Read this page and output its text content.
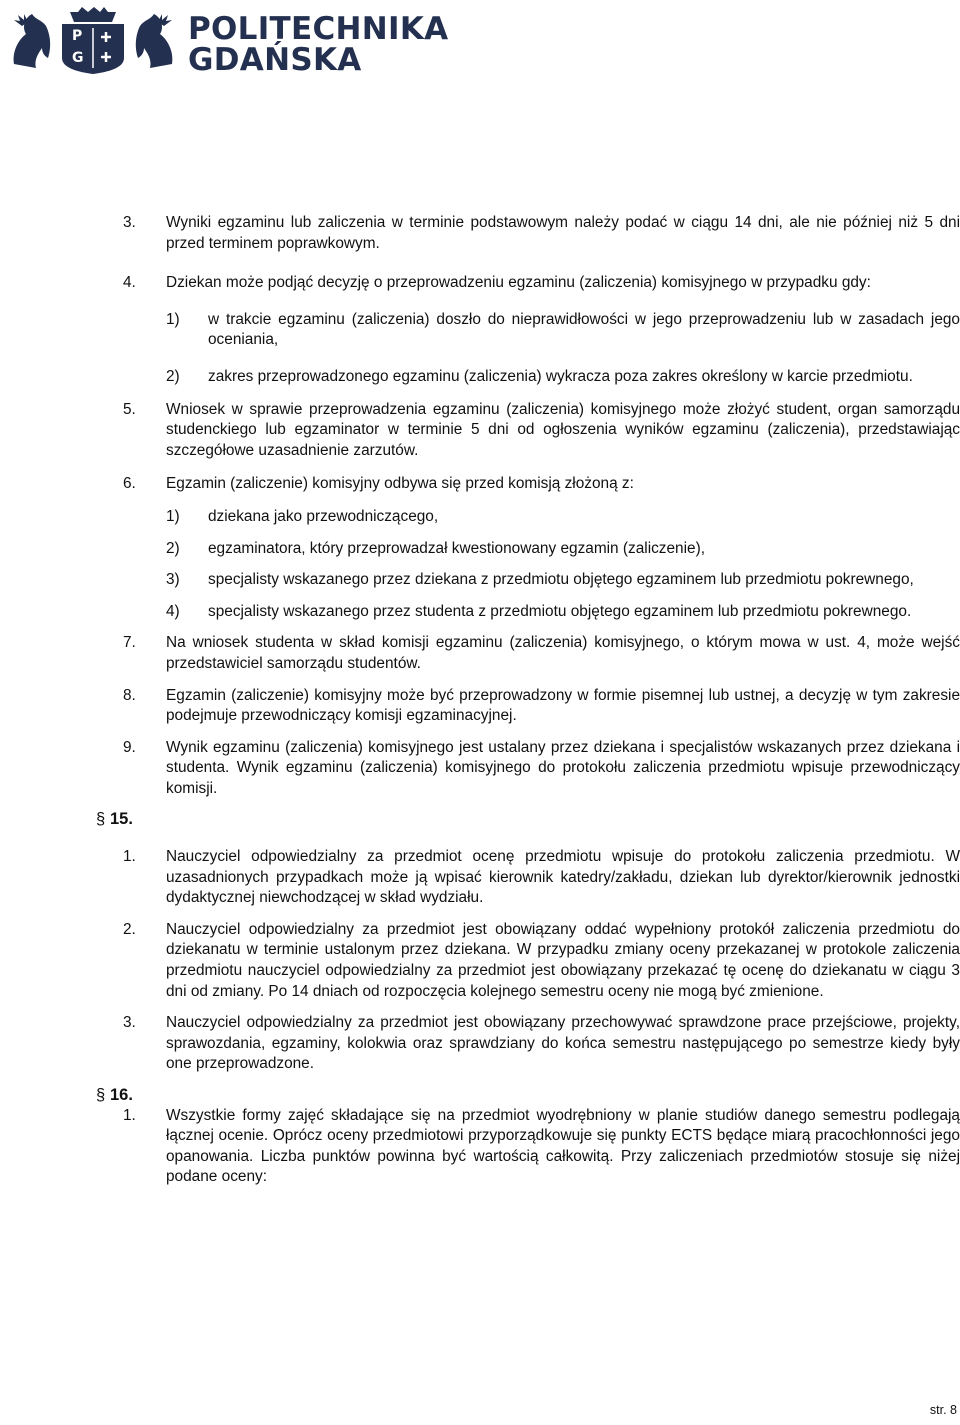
P
G
POLITECHNIKA
GDAŃSKA
3. Wyniki egzaminu lub zaliczenia w terminie podstawowym należy podać w ciągu 14 dni, ale nie później niż 5 dni przed terminem poprawkowym.
4. Dziekan może podjąć decyzję o przeprowadzeniu egzaminu (zaliczenia) komisyjnego w przypadku gdy:
1) w trakcie egzaminu (zaliczenia) doszło do nieprawidłowości w jego przeprowadzeniu lub w zasadach jego oceniania,
2) zakres przeprowadzonego egzaminu (zaliczenia) wykracza poza zakres określony w karcie przedmiotu.
5. Wniosek w sprawie przeprowadzenia egzaminu (zaliczenia) komisyjnego może złożyć student, organ samorządu studenckiego lub egzaminator w terminie 5 dni od ogłoszenia wyników egzaminu (zaliczenia), przedstawiając szczegółowe uzasadnienie zarzutów.
6. Egzamin (zaliczenie) komisyjny odbywa się przed komisją złożoną z:
1) dziekana jako przewodniczącego,
2) egzaminatora, który przeprowadzał kwestionowany egzamin (zaliczenie),
3) specjalisty wskazanego przez dziekana z przedmiotu objętego egzaminem lub przedmiotu pokrewnego,
4) specjalisty wskazanego przez studenta z przedmiotu objętego egzaminem lub przedmiotu pokrewnego.
7. Na wniosek studenta w skład komisji egzaminu (zaliczenia) komisyjnego, o którym mowa w ust. 4, może wejść przedstawiciel samorządu studentów.
8. Egzamin (zaliczenie) komisyjny może być przeprowadzony w formie pisemnej lub ustnej, a decyzję w tym zakresie podejmuje przewodniczący komisji egzaminacyjnej.
9. Wynik egzaminu (zaliczenia) komisyjnego jest ustalany przez dziekana i specjalistów wskazanych przez dziekana i studenta. Wynik egzaminu (zaliczenia) komisyjnego do protokołu zaliczenia przedmiotu wpisuje przewodniczący komisji.
§ 15.
1. Nauczyciel odpowiedzialny za przedmiot ocenę przedmiotu wpisuje do protokołu zaliczenia przedmiotu. W uzasadnionych przypadkach może ją wpisać kierownik katedry/zakładu, dziekan lub dyrektor/kierownik jednostki dydaktycznej niewchodzącej w skład wydziału.
2. Nauczyciel odpowiedzialny za przedmiot jest obowiązany oddać wypełniony protokół zaliczenia przedmiotu do dziekanatu w terminie ustalonym przez dziekana. W przypadku zmiany oceny przekazanej w protokole zaliczenia przedmiotu nauczyciel odpowiedzialny za przedmiot jest obowiązany przekazać tę ocenę do dziekanatu w ciągu 3 dni od zmiany. Po 14 dniach od rozpoczęcia kolejnego semestru oceny nie mogą być zmienione.
3. Nauczyciel odpowiedzialny za przedmiot jest obowiązany przechowywać sprawdzone prace przejściowe, projekty, sprawozdania, egzaminy, kolokwia oraz sprawdziany do końca semestru następującego po semestrze kiedy były one przeprowadzone.
§ 16.
1. Wszystkie formy zajęć składające się na przedmiot wyodrębniony w planie studiów danego semestru podlegają łącznej ocenie. Oprócz oceny przedmiotowi przyporządkowuje się punkty ECTS będące miarą pracochłonności jego opanowania. Liczba punktów powinna być wartością całkowitą. Przy zaliczeniach przedmiotów stosuje się niżej podane oceny:
str. 8
